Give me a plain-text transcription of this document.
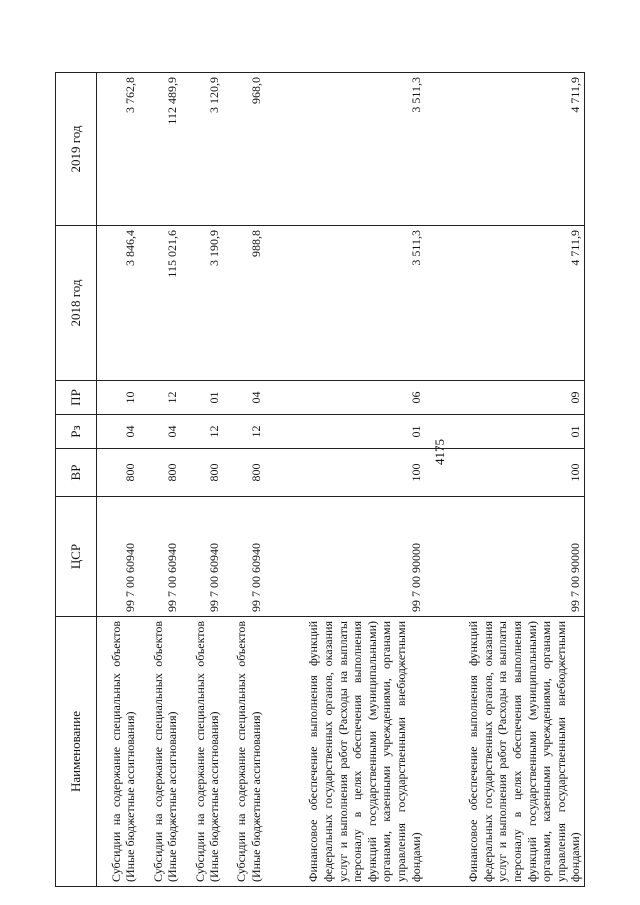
4175
Наименование	ЦСР	ВР	Рз	ПР	2018 год	2019 год
Субсидии на содержание специальных объектов (Иные бюджетные ассигнования)	99 7 00 60940	800	04	10	3 846,4	3 762,8
Субсидии на содержание специальных объектов (Иные бюджетные ассигнования)	99 7 00 60940	800	04	12	115 021,6	112 489,9
Субсидии на содержание специальных объектов (Иные бюджетные ассигнования)	99 7 00 60940	800	12	01	3 190,9	3 120,9
Субсидии на содержание специальных объектов (Иные бюджетные ассигнования)	99 7 00 60940	800	12	04	988,8	968,0
Финансовое обеспечение выполнения функций федеральных государственных органов, оказания услуг и выполнения работ (Расходы на выплаты персоналу в целях обеспечения выполнения функций государственными (муниципальными) органами, казенными учреждениями, органами управления государственными внебюджетными фондами)	99 7 00 90000	100	01	06	3 511,3	3 511,3
Финансовое обеспечение выполнения функций федеральных государственных органов, оказания услуг и выполнения работ (Расходы на выплаты персоналу в целях обеспечения выполнения функций государственными (муниципальными) органами, казенными учреждениями, органами управления государственными внебюджетными фондами)	99 7 00 90000	100	01	09	4 711,9	4 711,9
